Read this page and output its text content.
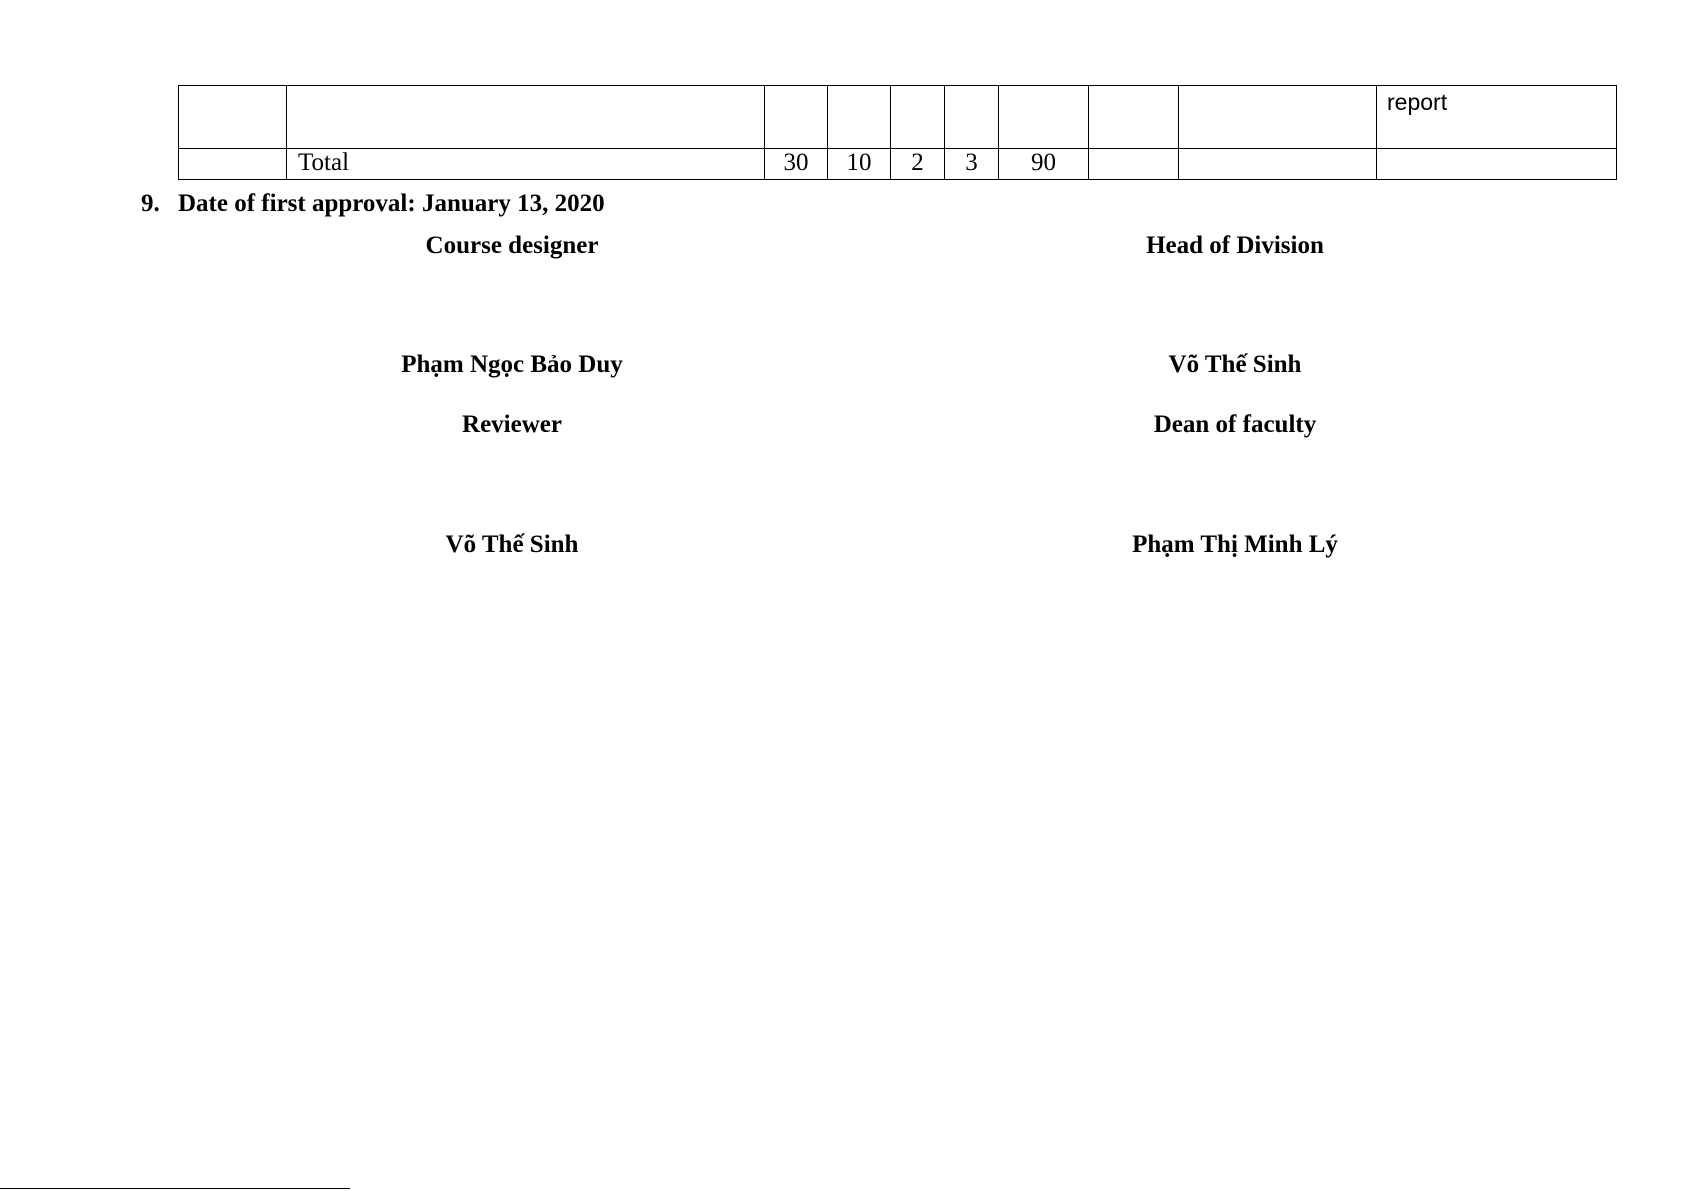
									report
	Total	30	10	2	3	90			
9. Date of first approval: January 13, 2020
Course designer	Head of Division
Phạm Ngọc Bảo Duy	Võ Thế Sinh
Reviewer	Dean of faculty
Võ Thế Sinh	Phạm Thị Minh Lý
